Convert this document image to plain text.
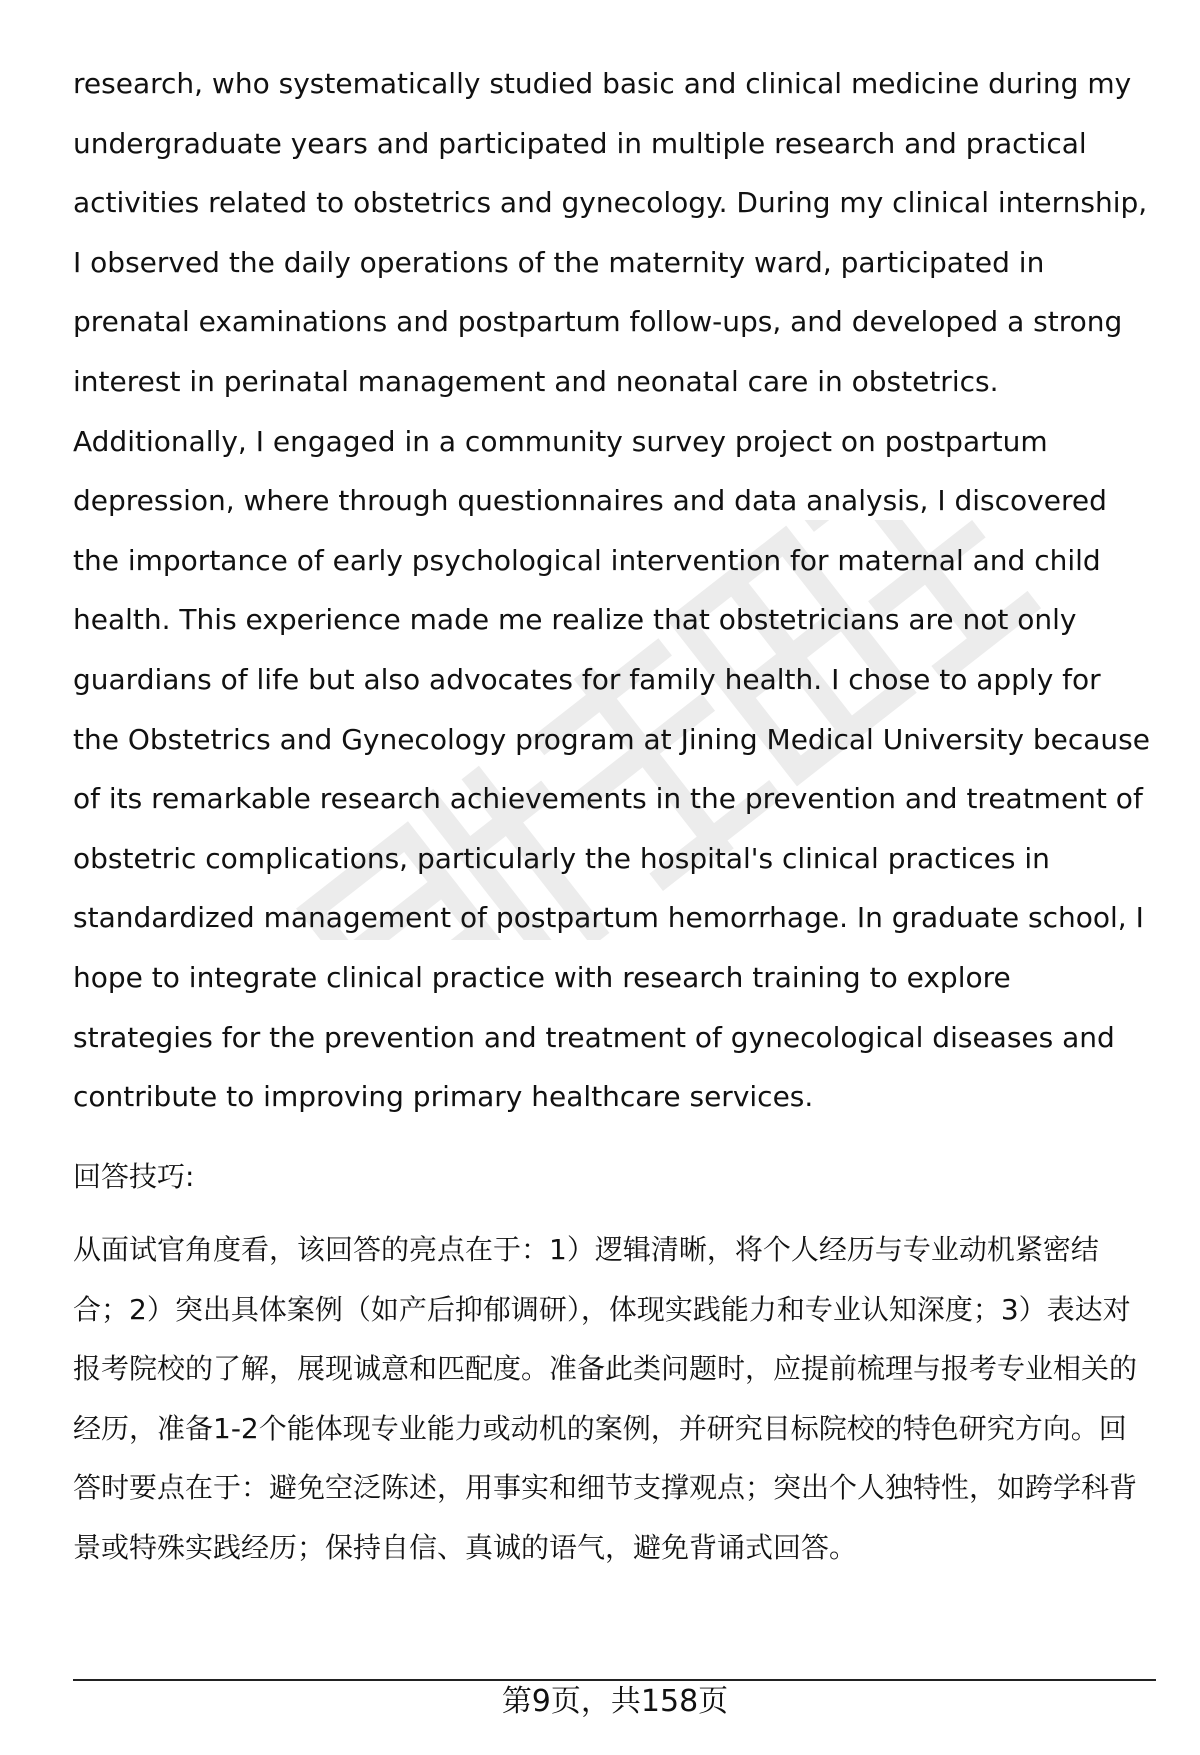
research, who systematically studied basic and clinical medicine during my undergraduate years and participated in multiple research and practical activities related to obstetrics and gynecology. During my clinical internship, I observed the daily operations of the maternity ward, participated in prenatal examinations and postpartum follow-ups, and developed a strong interest in perinatal management and neonatal care in obstetrics. Additionally, I engaged in a community survey project on postpartum depression, where through questionnaires and data analysis, I discovered the importance of early psychological intervention for maternal and child health. This experience made me realize that obstetricians are not only guardians of life but also advocates for family health. I chose to apply for the Obstetrics and Gynecology program at Jining Medical University because of its remarkable research achievements in the prevention and treatment of obstetric complications, particularly the hospital's clinical practices in standardized management of postpartum hemorrhage. In graduate school, I hope to integrate clinical practice with research training to explore strategies for the prevention and treatment of gynecological diseases and contribute to improving primary healthcare services.

回答技巧:

从面试官角度看，该回答的亮点在于：1）逻辑清晰，将个人经历与专业动机紧密结合；2）突出具体案例（如产后抑郁调研），体现实践能力和专业认知深度；3）表达对报考院校的了解，展现诚意和匹配度。准备此类问题时，应提前梳理与报考专业相关的经历，准备1-2个能体现专业能力或动机的案例，并研究目标院校的特色研究方向。回答时要点在于：避免空泛陈述，用事实和细节支撑观点；突出个人独特性，如跨学科背景或特殊实践经历；保持自信、真诚的语气，避免背诵式回答。

第9页，共158页
